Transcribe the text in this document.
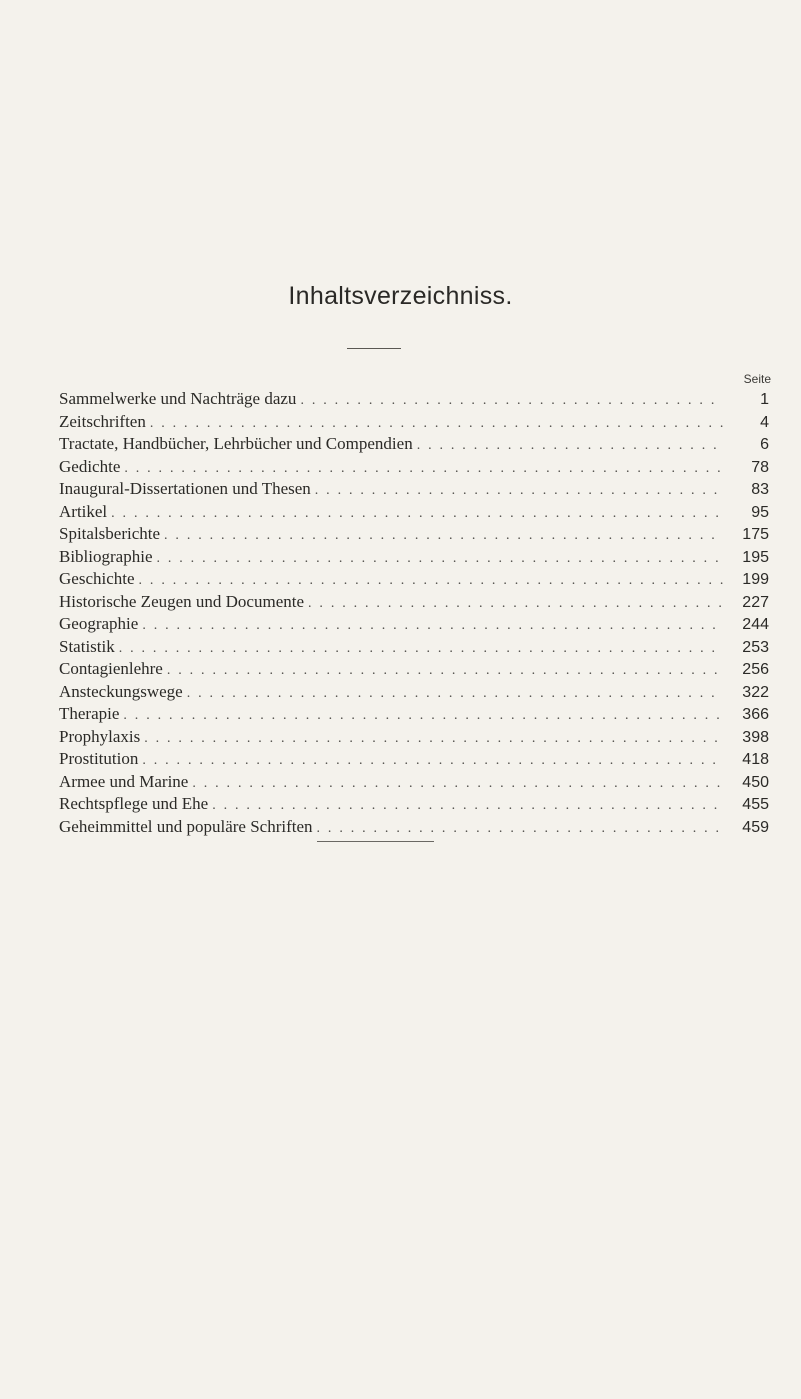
Inhaltsverzeichniss.
Seite
Sammelwerke und Nachträge dazu . . .	1
Zeitschriften . . .	4
Tractate, Handbücher, Lehrbücher und Compendien . . .	6
Gedichte . . .	78
Inaugural-Dissertationen und Thesen . . .	83
Artikel . . .	95
Spitalsberichte . . .	175
Bibliographie . . .	195
Geschichte . . .	199
Historische Zeugen und Documente . . .	227
Geographie . . .	244
Statistik . . .	253
Contagienlehre . . .	256
Ansteckungswege . . .	322
Therapie . . .	366
Prophylaxis . . .	398
Prostitution . . .	418
Armee und Marine . . .	450
Rechtspflege und Ehe . . .	455
Geheimmittel und populäre Schriften . . .	459
